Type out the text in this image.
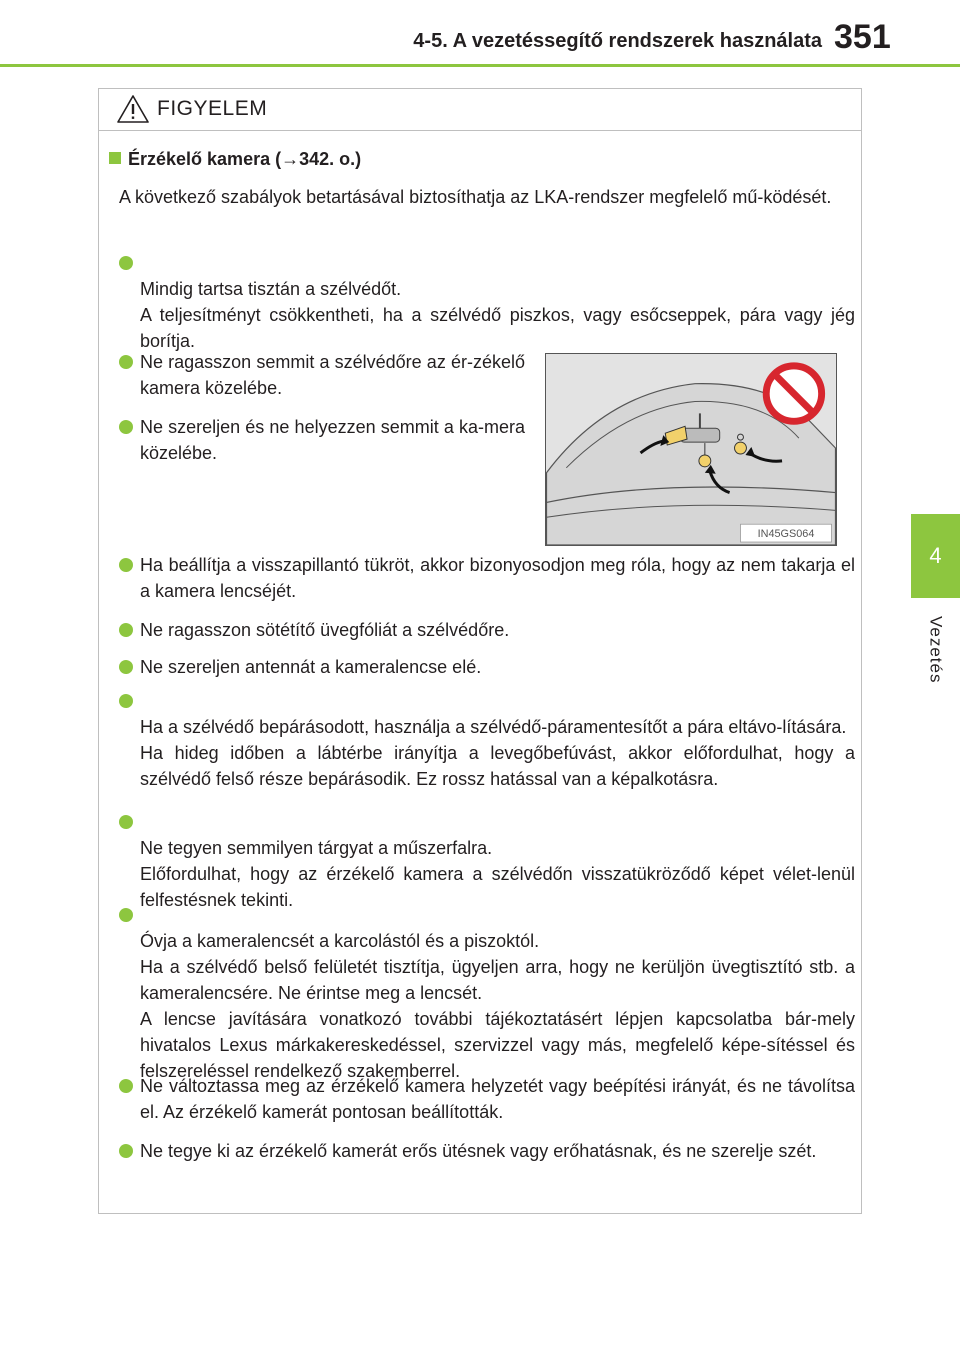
4-5. A vezetéssegítő rendszerek használata 351
4
Vezetés
FIGYELEM
Érzékelő kamera (→342. o.)
A következő szabályok betartásával biztosíthatja az LKA-rendszer megfelelő mű-ködését.

Mindig tartsa tisztán a szélvédőt.
A teljesítményt csökkentheti, ha a szélvédő piszkos, vagy esőcseppek, pára vagy jég borítja.

Ne ragasszon semmit a szélvédőre az ér-zékelő kamera közelébe.
Ne szereljen és ne helyezzen semmit a ka-mera közelébe.
IN45GS064
Ha beállítja a visszapillantó tükröt, akkor bizonyosodjon meg róla, hogy az nem takarja el a kamera lencséjét.
Ne ragasszon sötétítő üvegfóliát a szélvédőre.
Ne szereljen antennát a kameralencse elé.

Ha a szélvédő bepárásodott, használja a szélvédő-páramentesítőt a pára eltávo-lítására.
Ha hideg időben a lábtérbe irányítja a levegőbefúvást, akkor előfordulhat, hogy a szélvédő felső része bepárásodik. Ez rossz hatással van a képalkotásra.

Ne tegyen semmilyen tárgyat a műszerfalra.
Előfordulhat, hogy az érzékelő kamera a szélvédőn visszatükröződő képet vélet-lenül felfestésnek tekinti.

Óvja a kameralencsét a karcolástól és a piszoktól.
Ha a szélvédő belső felületét tisztítja, ügyeljen arra, hogy ne kerüljön üvegtisztító stb. a kameralencsére. Ne érintse meg a lencsét.
A lencse javítására vonatkozó további tájékoztatásért lépjen kapcsolatba bár-mely hivatalos Lexus márkakereskedéssel, szervizzel vagy más, megfelelő képe-sítéssel és felszereléssel rendelkező szakemberrel.

Ne változtassa meg az érzékelő kamera helyzetét vagy beépítési irányát, és ne távolítsa el. Az érzékelő kamerát pontosan beállították.
Ne tegye ki az érzékelő kamerát erős ütésnek vagy erőhatásnak, és ne szerelje szét.
